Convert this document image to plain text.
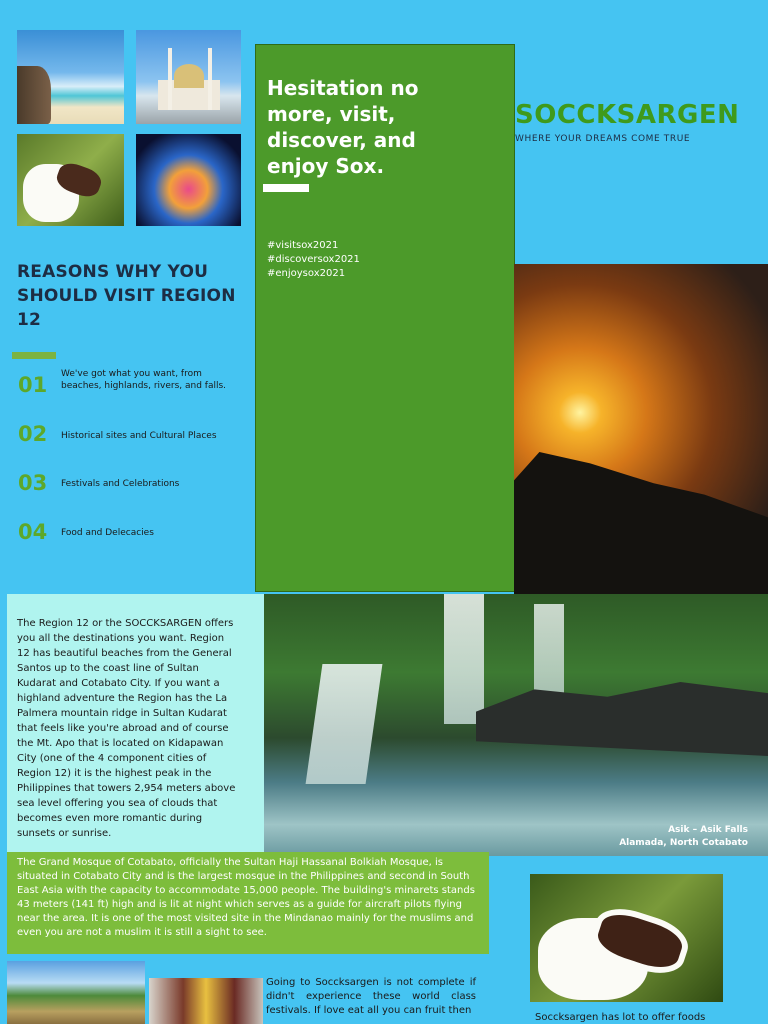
REASONS WHY YOU SHOULD VISIT REGION 12
01 We've got what you want, from beaches, highlands, rivers, and falls.
02 Historical sites and Cultural Places
03 Festivals and Celebrations
04 Food and Delecacies
Hesitation no more, visit, discover, and enjoy Sox.
#visitsox2021
#discoversox2021
#enjoysox2021
SOCCKSARGEN
WHERE YOUR DREAMS COME TRUE

The Region 12 or the SOCCKSARGEN offers you all the destinations you want. Region 12 has beautiful beaches from the General Santos up to the coast line of Sultan Kudarat and Cotabato City. If you want a highland adventure the Region has the La Palmera mountain ridge in Sultan Kudarat that feels like you're abroad and of course the Mt. Apo that is located on Kidapawan City (one of the 4 component cities of Region 12) it is the highest peak in the Philippines that towers 2,954 meters above sea level offering you sea of clouds that becomes even more romantic during sunsets or sunrise.	Asik – Asik Falls
Alamada, North Cotabato

The Grand Mosque of Cotabato, officially the Sultan Haji Hassanal Bolkiah Mosque, is situated in Cotabato City and is the largest mosque in the Philippines and second in South East Asia with the capacity to accommodate 15,000 people. The building's minarets stands 43 meters (141 ft) high and is lit at night which serves as a guide for aircraft pilots flying near the area. It is one of the most visited site in the Mindanao mainly for the muslims and even you are not a muslim it is still a sight to see.

Going to Soccksargen is not complete if didn't experience these world class festivals. If love eat all you can fruit then
Soccksargen has lot to offer foods
